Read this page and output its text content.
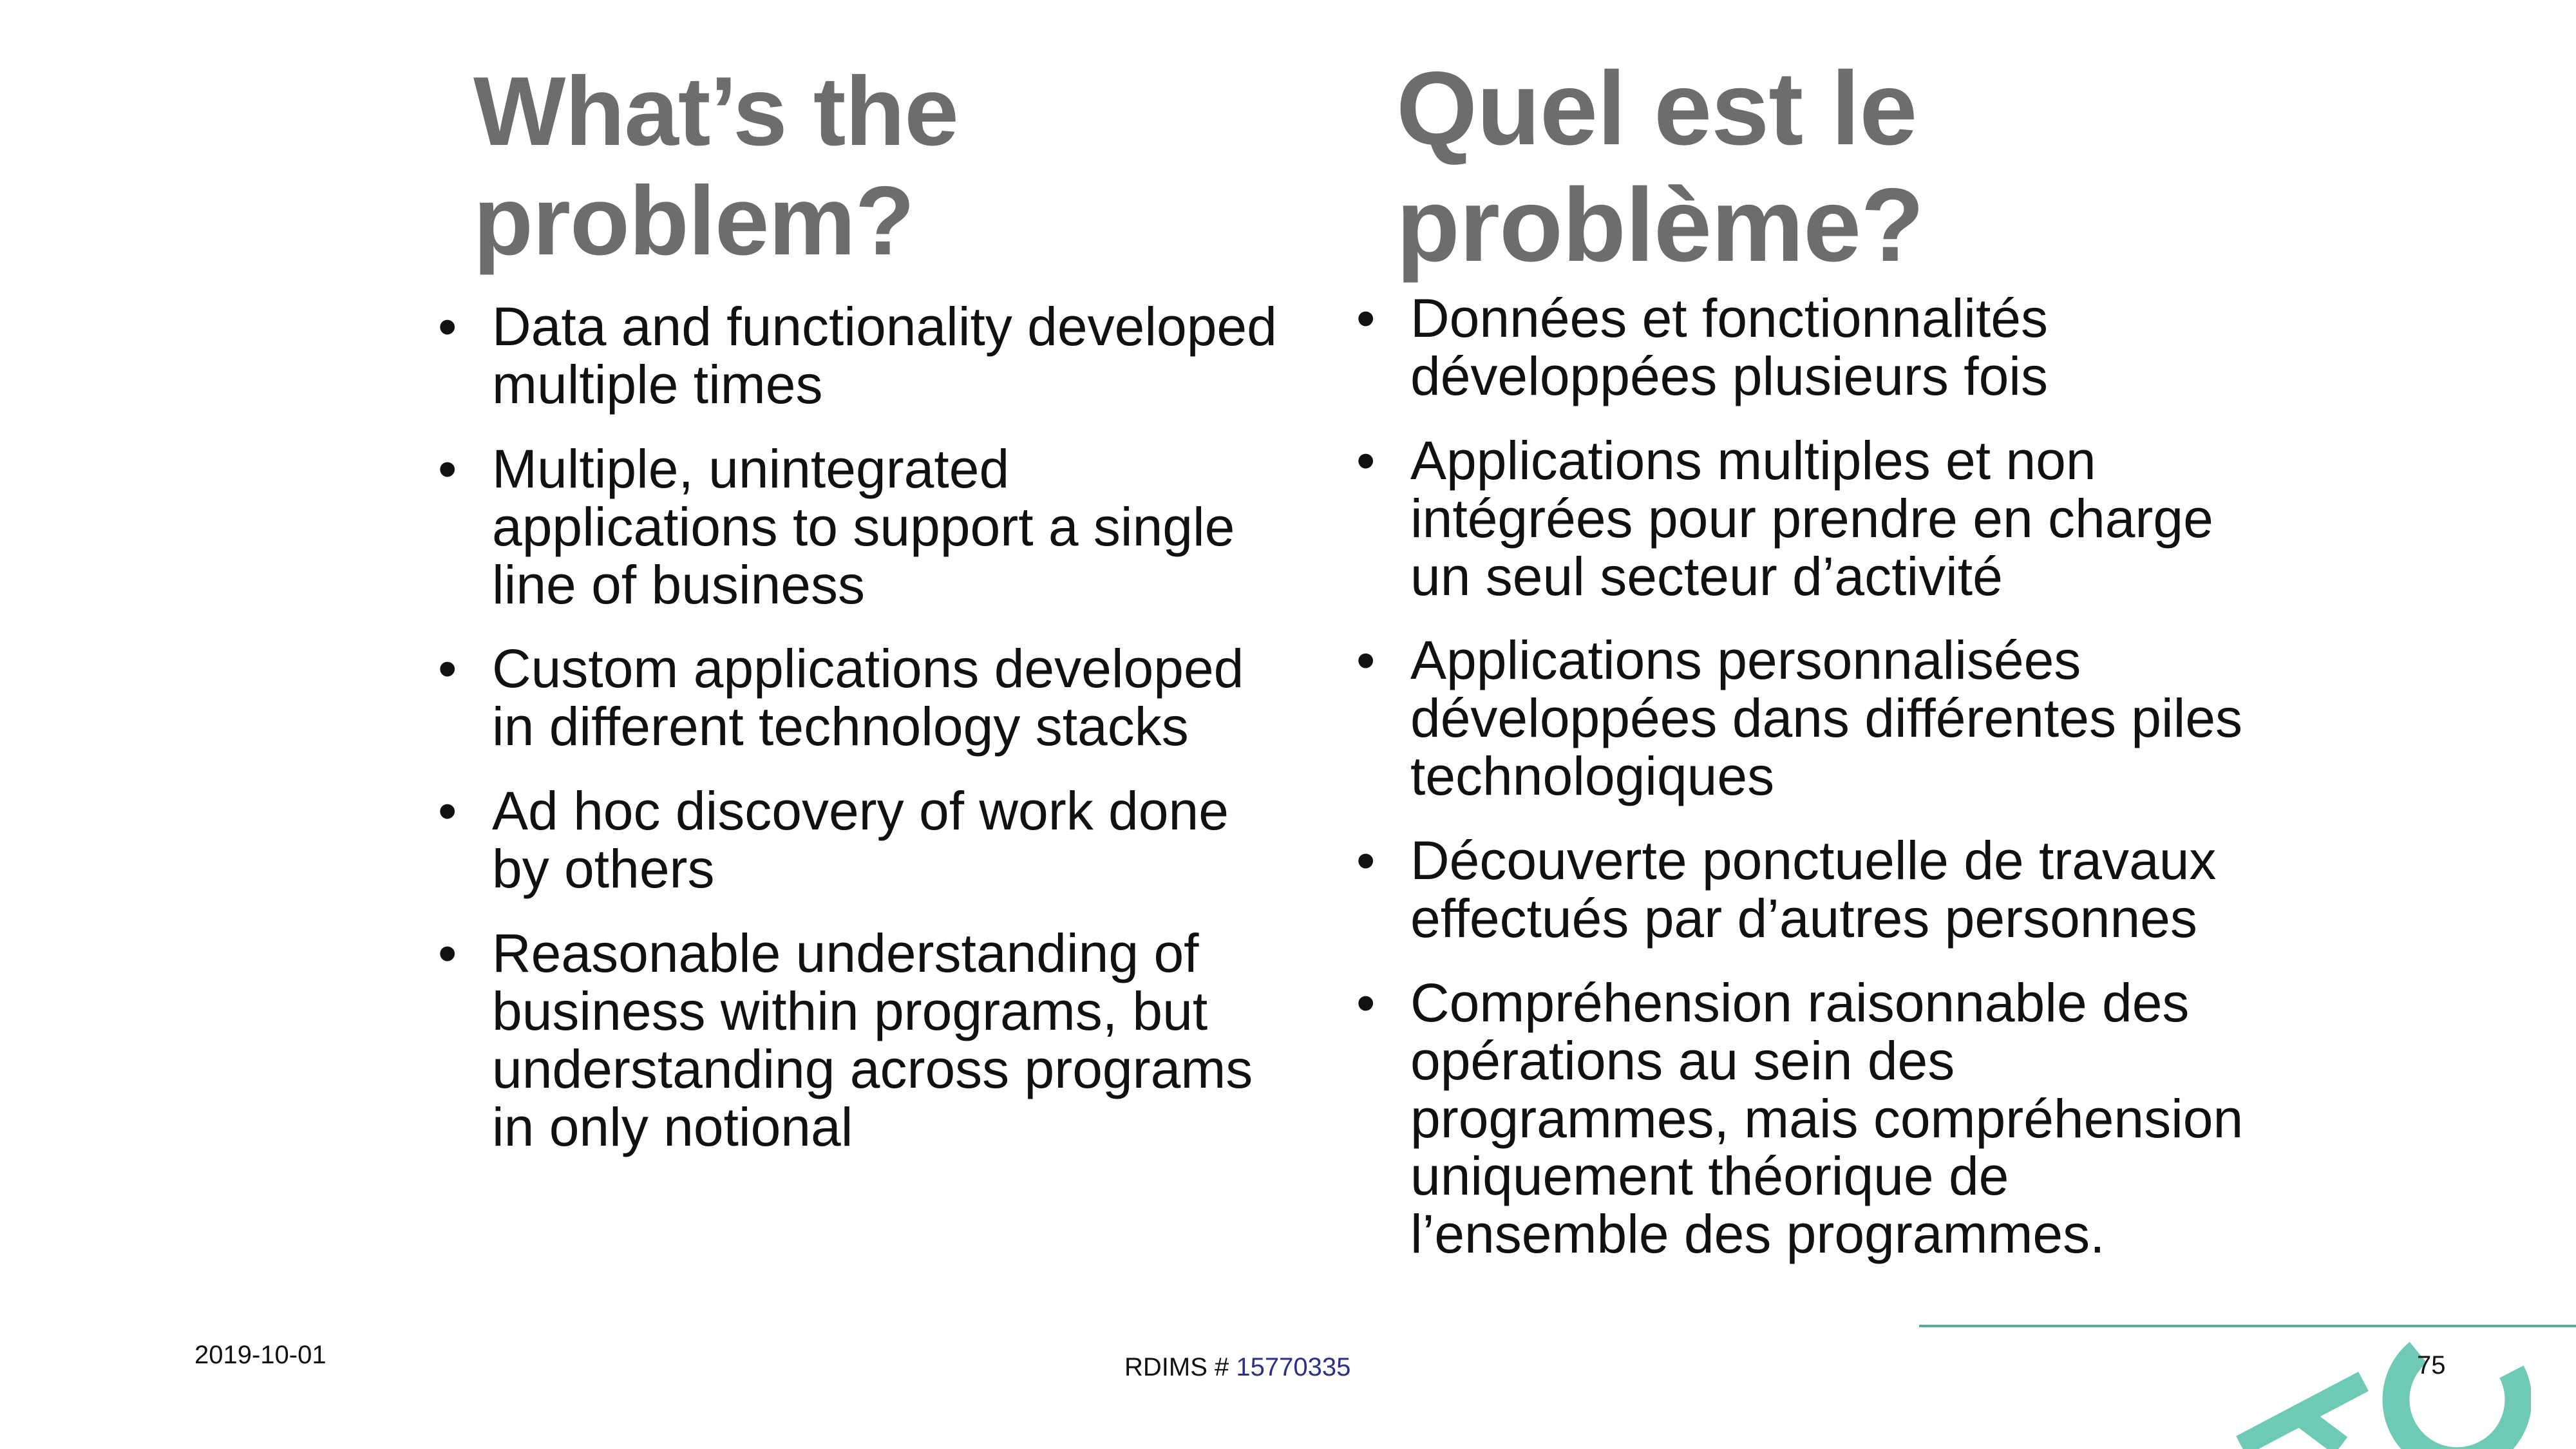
What’s the problem?
• Data and functionality developed multiple times
• Multiple, unintegrated applications to support a single line of business
• Custom applications developed in different technology stacks
• Ad hoc discovery of work done by others
• Reasonable understanding of business within programs, but understanding across programs in only notional
Quel est le problème?
• Données et fonctionnalités développées plusieurs fois
• Applications multiples et non intégrées pour prendre en charge un seul secteur d’activité
• Applications personnalisées développées dans différentes piles technologiques
• Découverte ponctuelle de travaux effectués par d’autres personnes
• Compréhension raisonnable des opérations au sein des programmes, mais compréhension uniquement théorique de l’ensemble des programmes.
2019-10-01	RDIMS # 15770335	75
